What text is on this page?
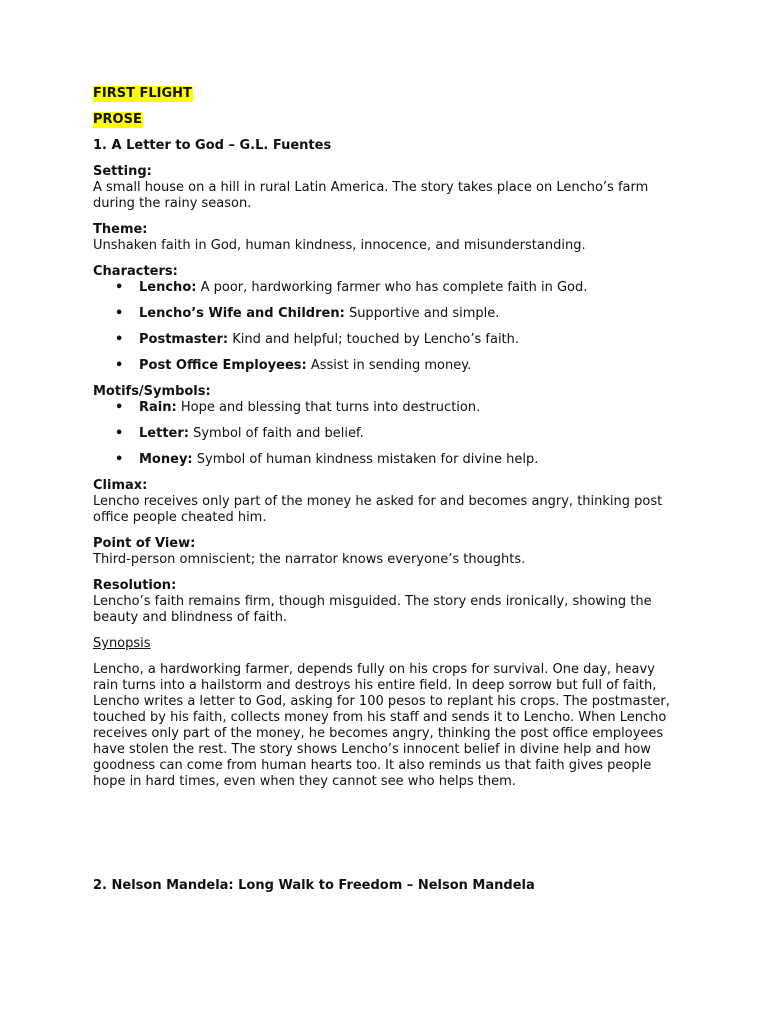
FIRST FLIGHT
PROSE
1. A Letter to God – G.L. Fuentes
Setting:
A small house on a hill in rural Latin America. The story takes place on Lencho’s farm
during the rainy season.
Theme:
Unshaken faith in God, human kindness, innocence, and misunderstanding.
Characters:
• Lencho: A poor, hardworking farmer who has complete faith in God.
• Lencho’s Wife and Children: Supportive and simple.
• Postmaster: Kind and helpful; touched by Lencho’s faith.
• Post Office Employees: Assist in sending money.
Motifs/Symbols:
• Rain: Hope and blessing that turns into destruction.
• Letter: Symbol of faith and belief.
• Money: Symbol of human kindness mistaken for divine help.
Climax:
Lencho receives only part of the money he asked for and becomes angry, thinking post
office people cheated him.
Point of View:
Third-person omniscient; the narrator knows everyone’s thoughts.
Resolution:
Lencho’s faith remains firm, though misguided. The story ends ironically, showing the
beauty and blindness of faith.
Synopsis
Lencho, a hardworking farmer, depends fully on his crops for survival. One day, heavy
rain turns into a hailstorm and destroys his entire field. In deep sorrow but full of faith,
Lencho writes a letter to God, asking for 100 pesos to replant his crops. The postmaster,
touched by his faith, collects money from his staff and sends it to Lencho. When Lencho
receives only part of the money, he becomes angry, thinking the post office employees
have stolen the rest. The story shows Lencho’s innocent belief in divine help and how
goodness can come from human hearts too. It also reminds us that faith gives people
hope in hard times, even when they cannot see who helps them.
2. Nelson Mandela: Long Walk to Freedom – Nelson Mandela
